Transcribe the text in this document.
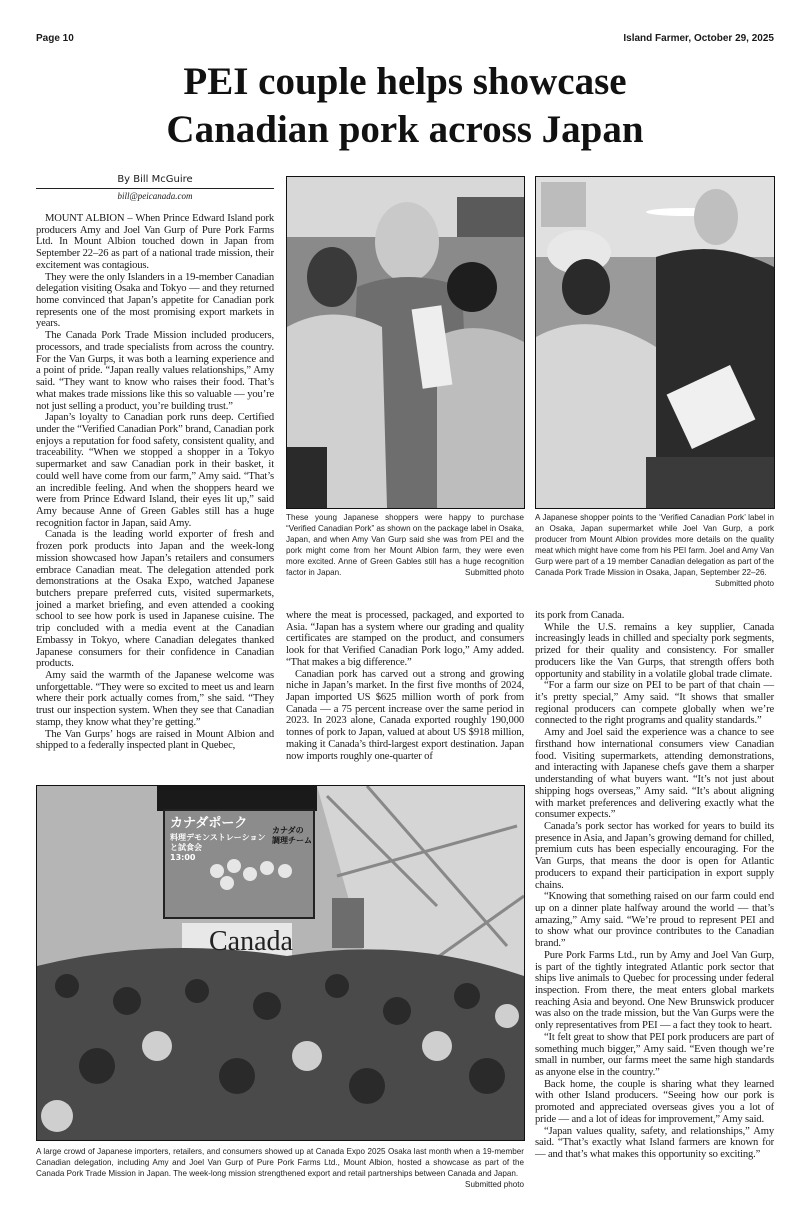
Page 10	Island Farmer, October 29, 2025
PEI couple helps showcase
Canadian pork across Japan
By Bill McGuire
bill@peicanada.com

MOUNT ALBION – When Prince Edward Island pork producers Amy and Joel Van Gurp of Pure Pork Farms Ltd. In Mount Albion touched down in Japan from September 22–26 as part of a national trade mission, their excitement was contagious.

They were the only Islanders in a 19-member Canadian delegation visiting Osaka and Tokyo — and they returned home convinced that Japan’s appetite for Canadian pork represents one of the most promising export markets in years.

The Canada Pork Trade Mission included producers, processors, and trade specialists from across the country. For the Van Gurps, it was both a learning experience and a point of pride. “Japan really values relationships,” Amy said. “They want to know who raises their food. That’s what makes trade missions like this so valuable — you’re not just selling a product, you’re building trust.”

Japan’s loyalty to Canadian pork runs deep. Certified under the “Verified Canadian Pork” brand, Canadian pork enjoys a reputation for food safety, consistent quality, and traceability. “When we stopped a shopper in a Tokyo supermarket and saw Canadian pork in their basket, it could well have come from our farm,” Amy said. “That’s an incredible feeling. And when the shoppers heard we were from Prince Edward Island, their eyes lit up,” said Amy because Anne of Green Gables still has a huge recognition factor in Japan, said Amy.

Canada is the leading world exporter of fresh and frozen pork products into Japan and the week-long mission showcased how Japan’s retailers and consumers embrace Canadian meat. The delegation attended pork demonstrations at the Osaka Expo, watched Japanese butchers prepare preferred cuts, visited supermarkets, joined a market briefing, and even attended a cooking school to see how pork is used in Japanese cuisine. The trip concluded with a media event at the Canadian Embassy in Tokyo, where Canadian delegates thanked Japanese consumers for their confidence in Canadian products.

Amy said the warmth of the Japanese welcome was unforgettable. “They were so excited to meet us and learn where their pork actually comes from,” she said. “They trust our inspection system. When they see that Canadian stamp, they know what they’re getting.”

The Van Gurps’ hogs are raised in Mount Albion and shipped to a federally inspected plant in Quebec,

These young Japanese shoppers were happy to purchase “Verified Canadian Pork” as shown on the package label in Osaka, Japan, and when Amy Van Gurp said she was from PEI and the pork might come from her Mount Albion farm, they were even more excited. Anne of Green Gables still has a huge recognition factor in Japan.	Submitted photo
A Japanese shopper points to the ‘Verified Canadian Pork’ label in an Osaka, Japan supermarket while Joel Van Gurp, a pork producer from Mount Albion provides more details on the quality meat which might have come from his PEI farm. Joel and Amy Van Gurp were part of a 19 member Canadian delegation as part of the Canada Pork Trade Mission in Osaka, Japan, September 22–26.
Submitted photo

where the meat is processed, packaged, and exported to Asia. “Japan has a system where our grading and quality certificates are stamped on the product, and consumers look for that Verified Canadian Pork logo,” Amy added. “That makes a big difference.”

Canadian pork has carved out a strong and growing niche in Japan’s market. In the first five months of 2024, Japan imported US $625 million worth of pork from Canada — a 75 percent increase over the same period in 2023. In 2023 alone, Canada exported roughly 190,000 tonnes of pork to Japan, valued at about US $918 million, making it Canada’s third-largest export destination. Japan now imports roughly one-quarter of

its pork from Canada.

While the U.S. remains a key supplier, Canada increasingly leads in chilled and specialty pork segments, prized for their quality and consistency. For smaller producers like the Van Gurps, that strength offers both opportunity and stability in a volatile global trade climate.

“For a farm our size on PEI to be part of that chain — it’s pretty special,” Amy said. “It shows that smaller regional producers can compete globally when we’re connected to the right programs and quality standards.”

Amy and Joel said the experience was a chance to see firsthand how international consumers view Canadian food. Visiting supermarkets, attending demonstrations, and interacting with Japanese chefs gave them a sharper understanding of what buyers want. “It’s not just about shipping hogs overseas,” Amy said. “It’s about aligning with market preferences and delivering exactly what the consumer expects.”

Canada’s pork sector has worked for years to build its presence in Asia, and Japan’s growing demand for chilled, premium cuts has been especially encouraging. For the Van Gurps, that means the door is open for Atlantic producers to expand their participation in export supply chains.

“Knowing that something raised on our farm could end up on a dinner plate halfway around the world — that’s amazing,” Amy said. “We’re proud to represent PEI and to show what our province contributes to the Canadian brand.”

Pure Pork Farms Ltd., run by Amy and Joel Van Gurp, is part of the tightly integrated Atlantic pork sector that ships live animals to Quebec for processing under federal inspection. From there, the meat enters global markets reaching Asia and beyond. One New Brunswick producer was also on the trade mission, but the Van Gurps were the only representatives from PEI — a fact they took to heart.

“It felt great to show that PEI pork producers are part of something much bigger,” Amy said. “Even though we’re small in number, our farms meet the same high standards as anyone else in the country.”

Back home, the couple is sharing what they learned with other Island producers. “Seeing how our pork is promoted and appreciated overseas gives you a lot of pride — and a lot of ideas for improvement,” Amy said.

“Japan values quality, safety, and relationships,” Amy said. “That’s exactly what Island farmers are known for — and that’s what makes this opportunity so exciting.”

カナダポーク
料理デモンストレーション
と試食会
13:00
カナダの
調理チーム
Canada
A large crowd of Japanese importers, retailers, and consumers showed up at Canada Expo 2025 Osaka last month when a 19-member Canadian delegation, including Amy and Joel Van Gurp of Pure Pork Farms Ltd., Mount Albion, hosted a showcase as part of the Canada Pork Trade Mission in Japan. The week-long mission strengthened export and retail partnerships between Canada and Japan.
Submitted photo
